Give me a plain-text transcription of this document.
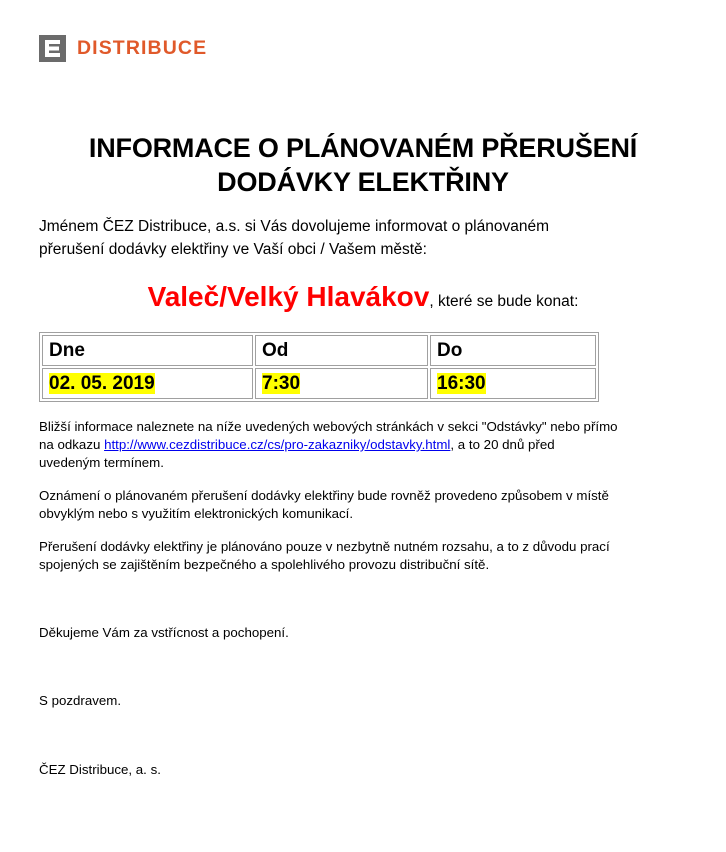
DISTRIBUCE
INFORMACE O PLÁNOVANÉM PŘERUŠENÍ
DODÁVKY ELEKTŘINY
Jménem ČEZ Distribuce, a.s. si Vás dovolujeme informovat o plánovaném
přerušení dodávky elektřiny ve Vaší obci / Vašem městě:
Valeč/Velký Hlavákov, které se bude konat:
Dne	Od	Do
02. 05. 2019	7:30	16:30
Bližší informace naleznete na níže uvedených webových stránkách v sekci "Odstávky" nebo přímo
na odkazu http://www.cezdistribuce.cz/cs/pro-zakazniky/odstavky.html, a to 20 dnů před
uvedeným termínem.
Oznámení o plánovaném přerušení dodávky elektřiny bude rovněž provedeno způsobem v místě
obvyklým nebo s využitím elektronických komunikací.
Přerušení dodávky elektřiny je plánováno pouze v nezbytně nutném rozsahu, a to z důvodu prací
spojených se zajištěním bezpečného a spolehlivého provozu distribuční sítě.
Děkujeme Vám za vstřícnost a pochopení.
S pozdravem.
ČEZ Distribuce, a. s.
